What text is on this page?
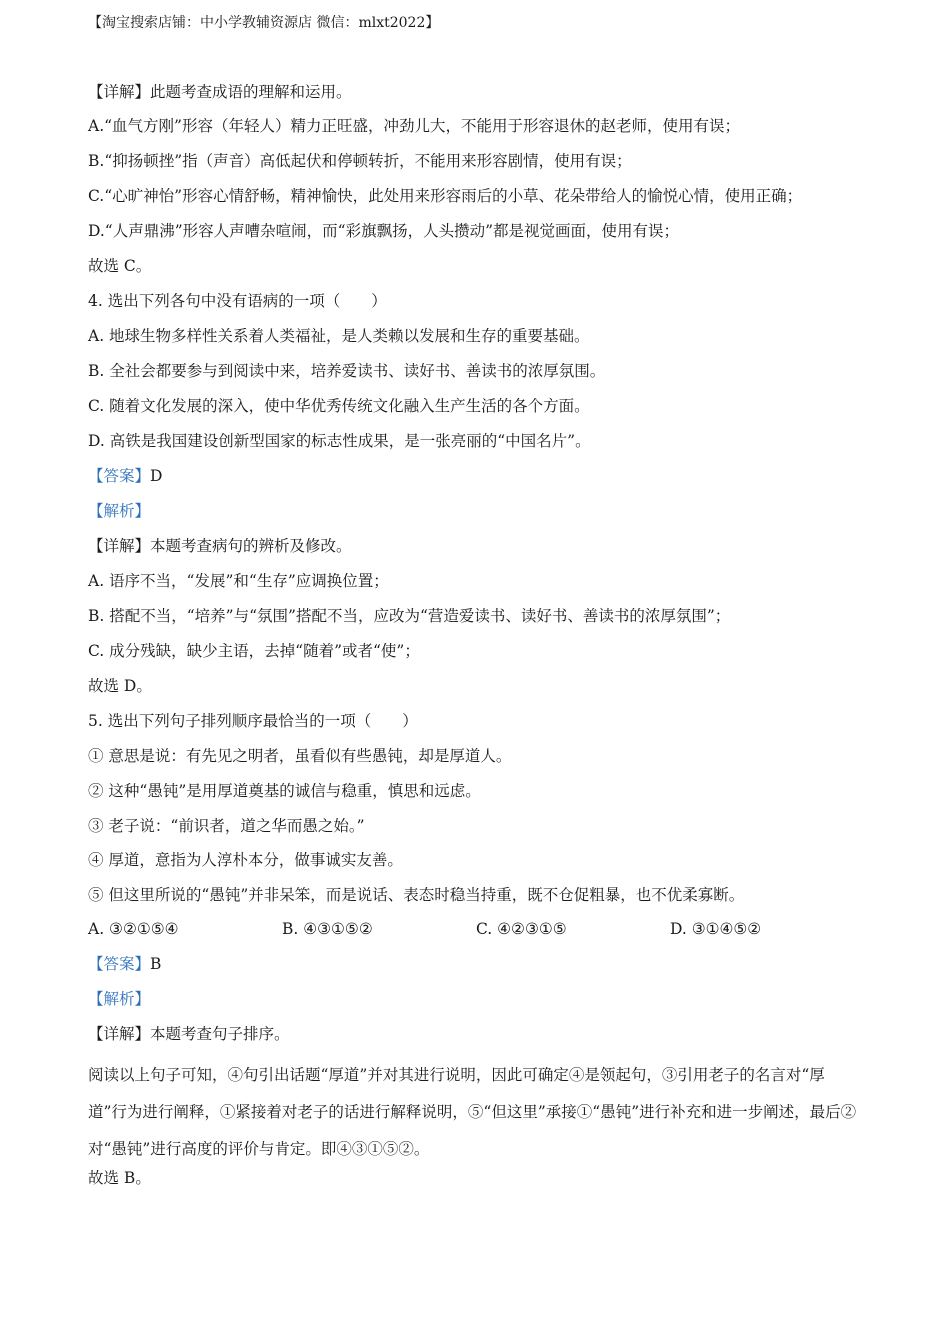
【淘宝搜索店铺：中小学教辅资源店 微信：mlxt2022】
【详解】此题考查成语的理解和运用。
A.“血气方刚”形容（年轻人）精力正旺盛，冲劲儿大，不能用于形容退休的赵老师，使用有误；
B.“抑扬顿挫”指（声音）高低起伏和停顿转折，不能用来形容剧情，使用有误；
C.“心旷神怡”形容心情舒畅，精神愉快，此处用来形容雨后的小草、花朵带给人的愉悦心情，使用正确；
D.“人声鼎沸”形容人声嘈杂喧闹，而“彩旗飘扬，人头攒动”都是视觉画面，使用有误；
故选 C。
4. 选出下列各句中没有语病的一项（　　）
A. 地球生物多样性关系着人类福祉，是人类赖以发展和生存的重要基础。
B. 全社会都要参与到阅读中来，培养爱读书、读好书、善读书的浓厚氛围。
C. 随着文化发展的深入，使中华优秀传统文化融入生产生活的各个方面。
D. 高铁是我国建设创新型国家的标志性成果，是一张亮丽的“中国名片”。
【答案】D
【解析】
【详解】本题考查病句的辨析及修改。
A. 语序不当，“发展”和“生存”应调换位置；
B. 搭配不当，“培养”与“氛围”搭配不当，应改为“营造爱读书、读好书、善读书的浓厚氛围”；
C. 成分残缺，缺少主语，去掉“随着”或者“使”；
故选 D。
5. 选出下列句子排列顺序最恰当的一项（　　）
① 意思是说：有先见之明者，虽看似有些愚钝，却是厚道人。
② 这种“愚钝”是用厚道奠基的诚信与稳重，慎思和远虑。
③ 老子说：“前识者，道之华而愚之始。”
④ 厚道，意指为人淳朴本分，做事诚实友善。
⑤ 但这里所说的“愚钝”并非呆笨，而是说话、表态时稳当持重，既不仓促粗暴，也不优柔寡断。
A. ③②①⑤④	B. ④③①⑤②	C. ④②③①⑤	D. ③①④⑤②
【答案】B
【解析】
【详解】本题考查句子排序。
阅读以上句子可知，④句引出话题“厚道”并对其进行说明，因此可确定④是领起句，③引用老子的名言对“厚道”行为进行阐释，①紧接着对老子的话进行解释说明，⑤“但这里”承接①“愚钝”进行补充和进一步阐述，最后②对“愚钝”进行高度的评价与肯定。即④③①⑤②。
故选 B。
